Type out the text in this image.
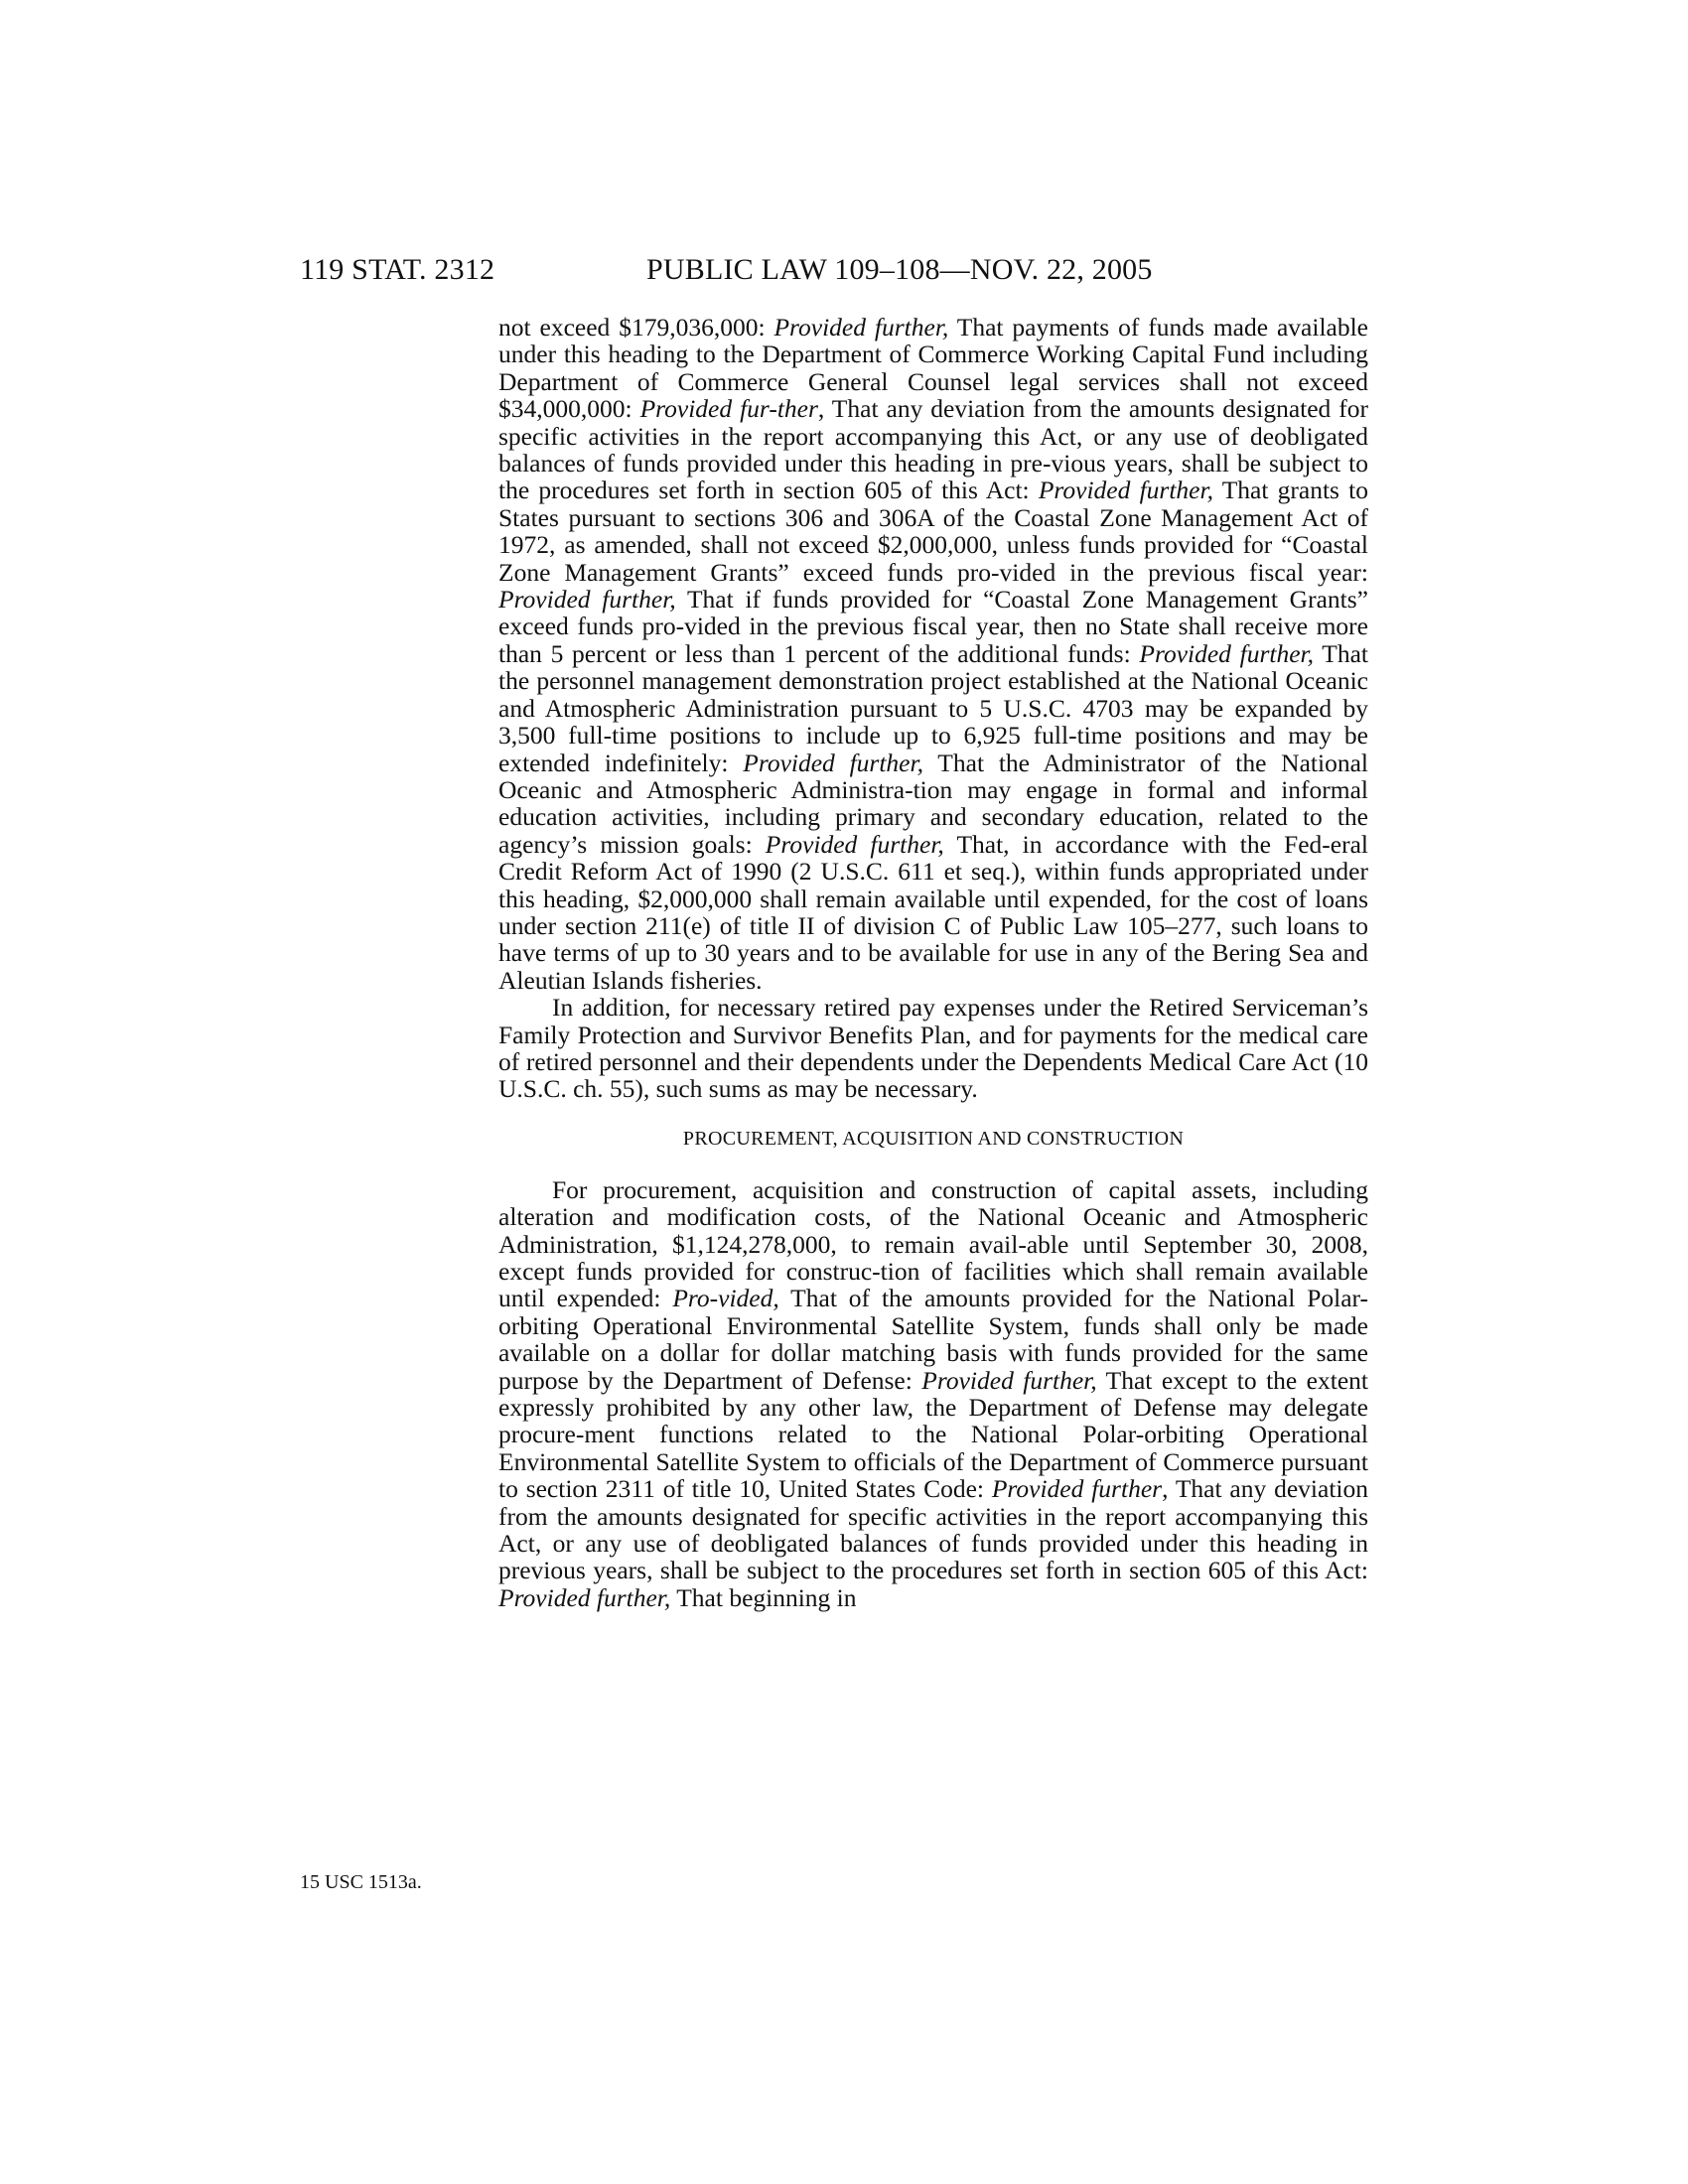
119 STAT. 2312	PUBLIC LAW 109–108—NOV. 22, 2005

not exceed $179,036,000: Provided further, That payments of funds made available under this heading to the Department of Commerce Working Capital Fund including Department of Commerce General Counsel legal services shall not exceed $34,000,000: Provided fur-ther, That any deviation from the amounts designated for specific activities in the report accompanying this Act, or any use of deobligated balances of funds provided under this heading in pre-vious years, shall be subject to the procedures set forth in section 605 of this Act: Provided further, That grants to States pursuant to sections 306 and 306A of the Coastal Zone Management Act of 1972, as amended, shall not exceed $2,000,000, unless funds provided for “Coastal Zone Management Grants” exceed funds pro-vided in the previous fiscal year: Provided further, That if funds provided for “Coastal Zone Management Grants” exceed funds pro-vided in the previous fiscal year, then no State shall receive more than 5 percent or less than 1 percent of the additional funds: Provided further, That the personnel management demonstration project established at the National Oceanic and Atmospheric Administration pursuant to 5 U.S.C. 4703 may be expanded by 3,500 full-time positions to include up to 6,925 full-time positions and may be extended indefinitely: Provided further, That the Administrator of the National Oceanic and Atmospheric Administra-tion may engage in formal and informal education activities, including primary and secondary education, related to the agency’s mission goals: Provided further, That, in accordance with the Fed-eral Credit Reform Act of 1990 (2 U.S.C. 611 et seq.), within funds appropriated under this heading, $2,000,000 shall remain available until expended, for the cost of loans under section 211(e) of title II of division C of Public Law 105–277, such loans to have terms of up to 30 years and to be available for use in any of the Bering Sea and Aleutian Islands fisheries.

In addition, for necessary retired pay expenses under the Retired Serviceman’s Family Protection and Survivor Benefits Plan, and for payments for the medical care of retired personnel and their dependents under the Dependents Medical Care Act (10 U.S.C. ch. 55), such sums as may be necessary.

PROCUREMENT, ACQUISITION AND CONSTRUCTION

For procurement, acquisition and construction of capital assets, including alteration and modification costs, of the National Oceanic and Atmospheric Administration, $1,124,278,000, to remain avail-able until September 30, 2008, except funds provided for construc-tion of facilities which shall remain available until expended: Pro-vided, That of the amounts provided for the National Polar-orbiting Operational Environmental Satellite System, funds shall only be made available on a dollar for dollar matching basis with funds provided for the same purpose by the Department of Defense: Provided further, That except to the extent expressly prohibited by any other law, the Department of Defense may delegate procure-ment functions related to the National Polar-orbiting Operational Environmental Satellite System to officials of the Department of Commerce pursuant to section 2311 of title 10, United States Code: Provided further, That any deviation from the amounts designated for specific activities in the report accompanying this Act, or any use of deobligated balances of funds provided under this heading in previous years, shall be subject to the procedures set forth in section 605 of this Act: Provided further, That beginning in

15 USC 1513a.
